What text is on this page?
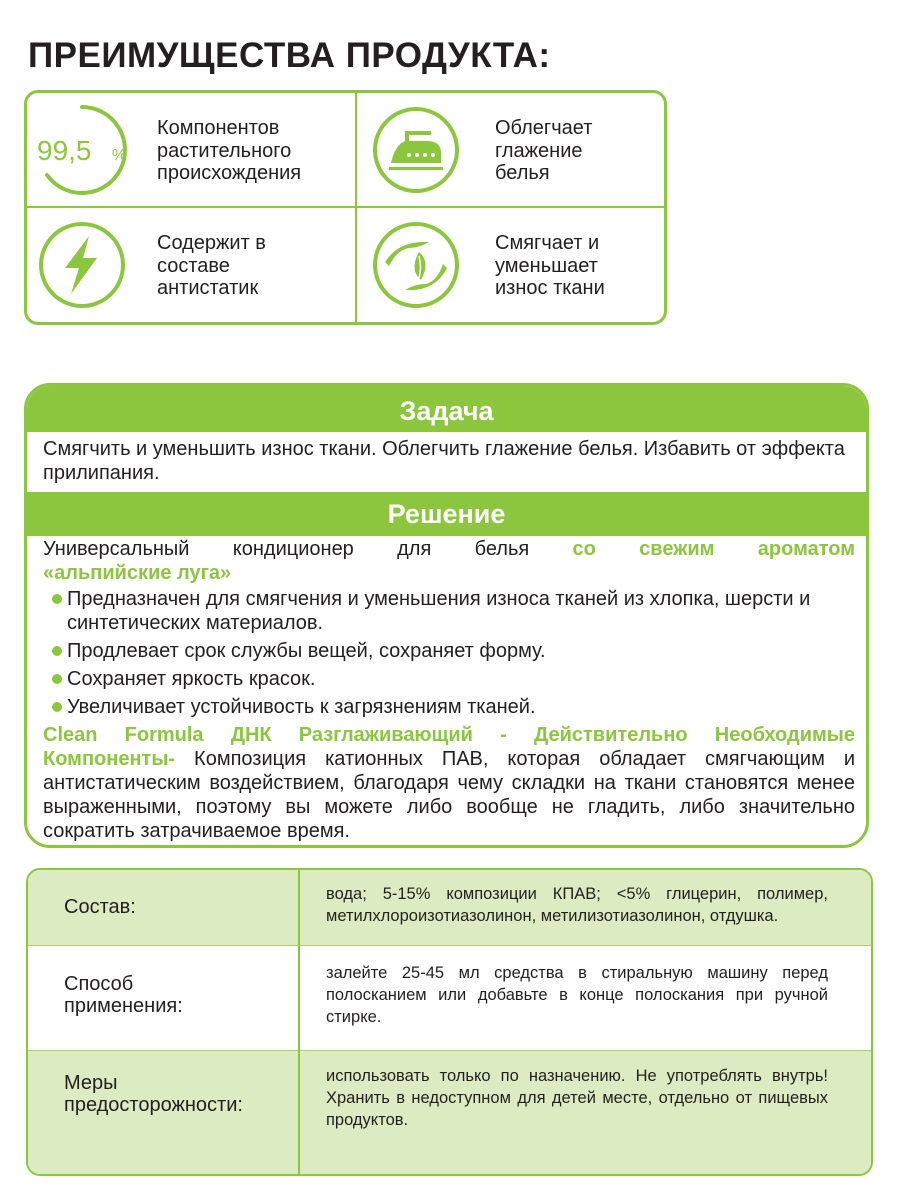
ПРЕИМУЩЕСТВА ПРОДУКТА:
99,5 %
Компонентов
растительного
происхождения
Облегчает
глажение
белья
Содержит в
составе
антистатик
Смягчает и
уменьшает
износ ткани
Задача
Смягчить и уменьшить износ ткани. Облегчить глажение белья. Избавить от эффекта прилипания.
Решение
Универсальный кондиционер для белья со свежим ароматом
«альпийские луга»
Предназначен для смягчения и уменьшения износа тканей из хлопка, шерсти и синтетических материалов.
Продлевает срок службы вещей, сохраняет форму.
Сохраняет яркость красок.
Увеличивает устойчивость к загрязнениям тканей.
Clean Formula ДНК Разглаживающий - Действительно Необходимые Компоненты- Композиция катионных ПАВ, которая обладает смягчающим и антистатическим воздействием, благодаря чему складки на ткани становятся менее выраженными, поэтому вы можете либо вообще не гладить, либо значительно сократить затрачиваемое время.
Состав:
вода; 5-15% композиции КПАВ; <5% глицерин, полимер, метилхлороизотиазолинон, метилизотиазолинон, отдушка.
Способ
применения:
залейте 25-45 мл средства в стиральную машину перед полосканием или добавьте в конце полоскания при ручной стирке.
Меры
предосторожности:
использовать только по назначению. Не употреблять внутрь! Хранить в недоступном для детей месте, отдельно от пищевых продуктов.
